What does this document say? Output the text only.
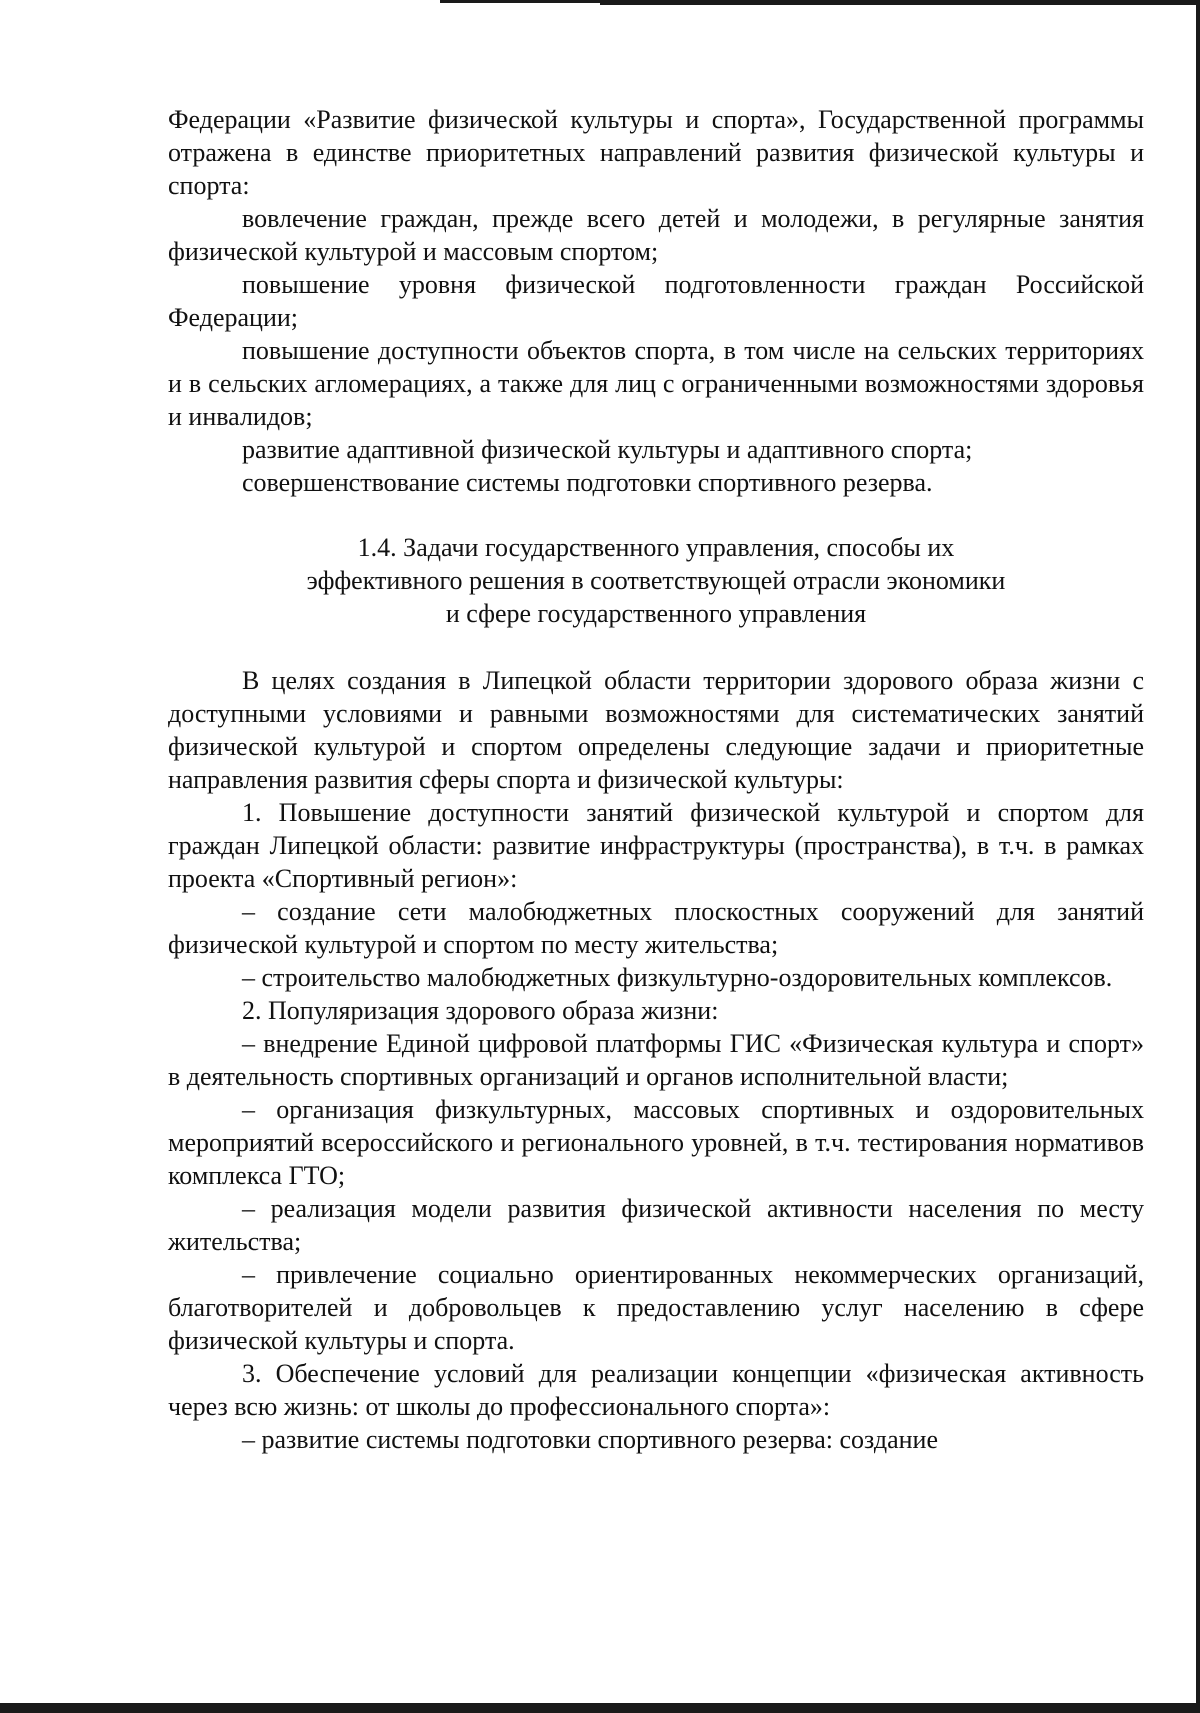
Федерации «Развитие физической культуры и спорта», Государственной программы отражена в единстве приоритетных направлений развития физической культуры и спорта:

вовлечение граждан, прежде всего детей и молодежи, в регулярные занятия физической культурой и массовым спортом;

повышение уровня физической подготовленности граждан Российской Федерации;

повышение доступности объектов спорта, в том числе на сельских территориях и в сельских агломерациях, а также для лиц с ограниченными возможностями здоровья и инвалидов;

развитие адаптивной физической культуры и адаптивного спорта;

совершенствование системы подготовки спортивного резерва.

1.4. Задачи государственного управления, способы их
эффективного решения в соответствующей отрасли экономики
и сфере государственного управления

В целях создания в Липецкой области территории здорового образа жизни с доступными условиями и равными возможностями для систематических занятий физической культурой и спортом определены следующие задачи и приоритетные направления развития сферы спорта и физической культуры:

1. Повышение доступности занятий физической культурой и спортом для граждан Липецкой области: развитие инфраструктуры (пространства), в т.ч. в рамках проекта «Спортивный регион»:

– создание сети малобюджетных плоскостных сооружений для занятий физической культурой и спортом по месту жительства;

– строительство малобюджетных физкультурно-оздоровительных комплексов.

2. Популяризация здорового образа жизни:

– внедрение Единой цифровой платформы ГИС «Физическая культура и спорт» в деятельность спортивных организаций и органов исполнительной власти;

– организация физкультурных, массовых спортивных и оздоровительных мероприятий всероссийского и регионального уровней, в т.ч. тестирования нормативов комплекса ГТО;

– реализация модели развития физической активности населения по месту жительства;

– привлечение социально ориентированных некоммерческих организаций, благотворителей и добровольцев к предоставлению услуг населению в сфере физической культуры и спорта.

3. Обеспечение условий для реализации концепции «физическая активность через всю жизнь: от школы до профессионального спорта»:

– развитие системы подготовки спортивного резерва: создание
